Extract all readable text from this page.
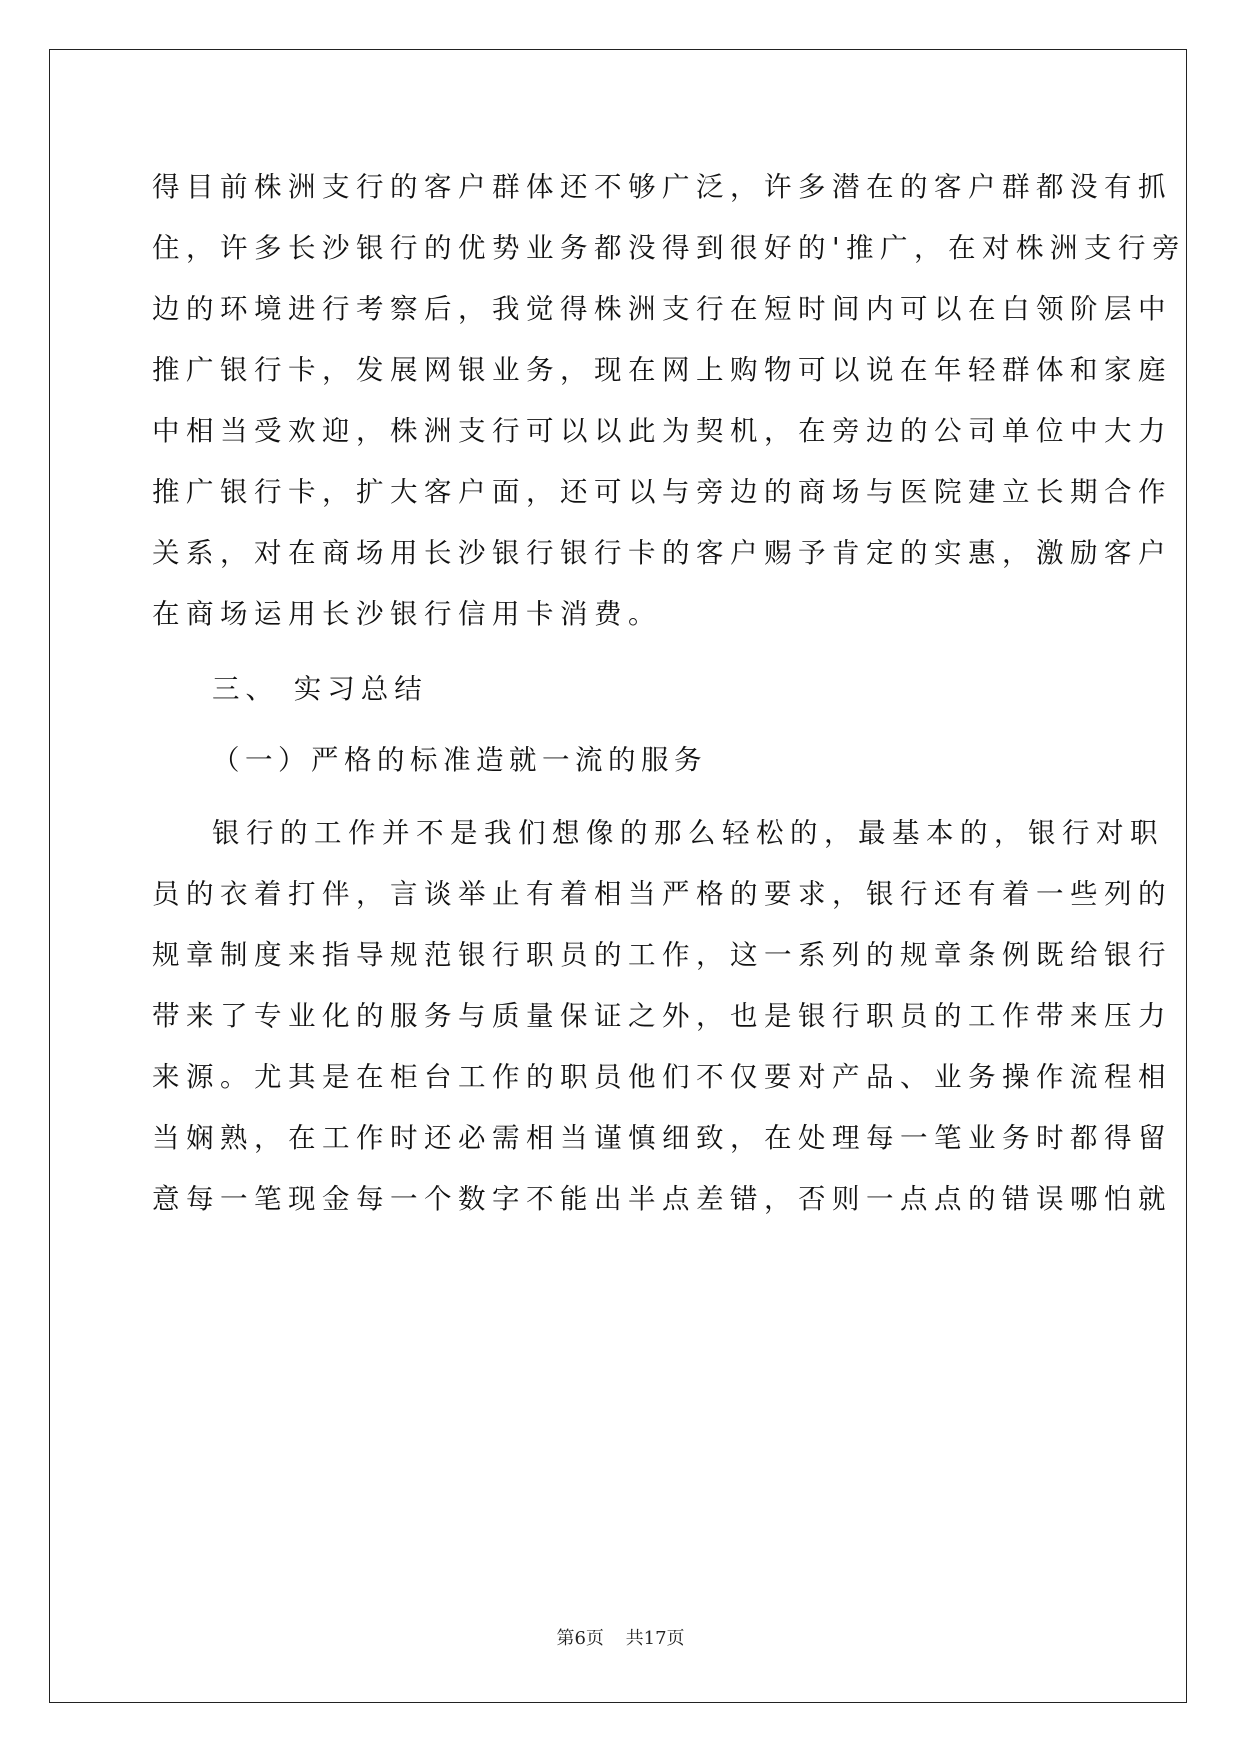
得目前株洲支行的客户群体还不够广泛，许多潜在的客户群都没有抓
住，许多长沙银行的优势业务都没得到很好的'推广，在对株洲支行旁
边的环境进行考察后，我觉得株洲支行在短时间内可以在白领阶层中
推广银行卡，发展网银业务，现在网上购物可以说在年轻群体和家庭
中相当受欢迎，株洲支行可以以此为契机，在旁边的公司单位中大力
推广银行卡，扩大客户面，还可以与旁边的商场与医院建立长期合作
关系，对在商场用长沙银行银行卡的客户赐予肯定的实惠，激励客户
在商场运用长沙银行信用卡消费。
三、 实习总结
（一）严格的标准造就一流的服务
银行的工作并不是我们想像的那么轻松的，最基本的，银行对职
员的衣着打伴，言谈举止有着相当严格的要求，银行还有着一些列的
规章制度来指导规范银行职员的工作，这一系列的规章条例既给银行
带来了专业化的服务与质量保证之外，也是银行职员的工作带来压力
来源。尤其是在柜台工作的职员他们不仅要对产品、业务操作流程相
当娴熟，在工作时还必需相当谨慎细致，在处理每一笔业务时都得留
意每一笔现金每一个数字不能出半点差错，否则一点点的错误哪怕就
第6页 共17页
